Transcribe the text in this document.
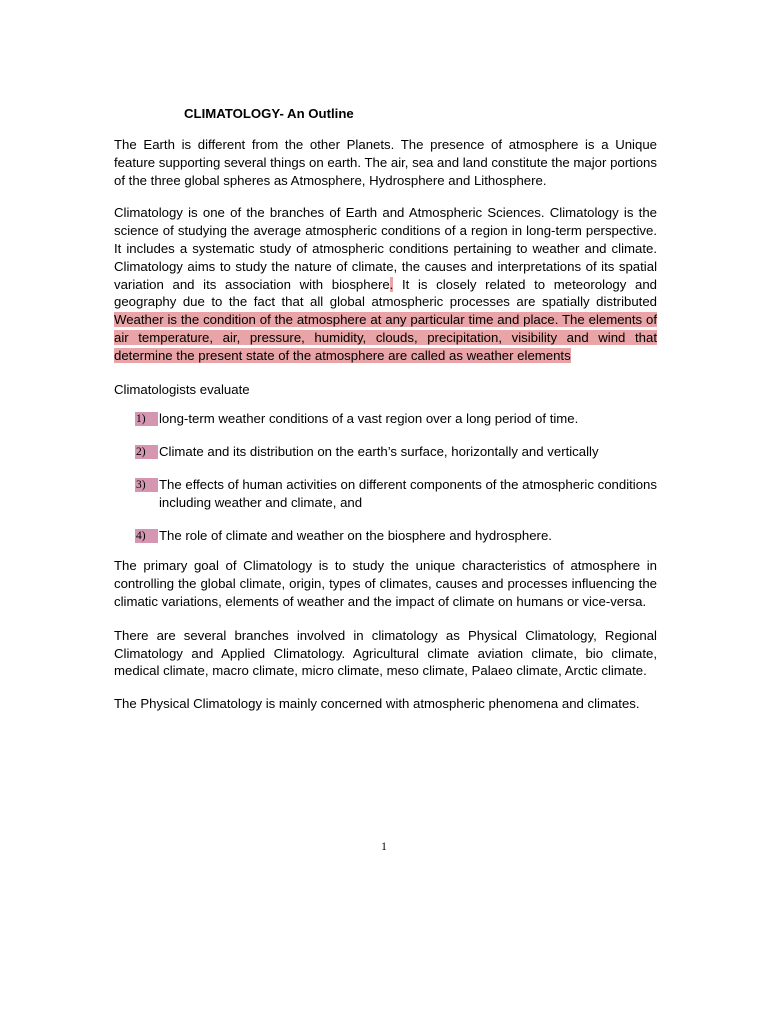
CLIMATOLOGY- An Outline

The Earth is different from the other Planets. The presence of atmosphere is a Unique feature supporting several things on earth. The air, sea and land constitute the major portions of the three global spheres as Atmosphere, Hydrosphere and Lithosphere.

Climatology is one of the branches of Earth and Atmospheric Sciences. Climatology is the science of studying the average atmospheric conditions of a region in long-term perspective. It includes a systematic study of atmospheric conditions pertaining to weather and climate. Climatology aims to study the nature of climate, the causes and interpretations of its spatial variation and its association with biosphere. It is closely related to meteorology and geography due to the fact that all global atmospheric processes are spatially distributed Weather is the condition of the atmosphere at any particular time and place. The elements of air temperature, air, pressure, humidity, clouds, precipitation, visibility and wind that determine the present state of the atmosphere are called as weather elements

Climatologists evaluate

1)	long-term weather conditions of a vast region over a long period of time.
2)	Climate and its distribution on the earth’s surface, horizontally and vertically
3)	The effects of human activities on different components of the atmospheric conditions including weather and climate, and
4)	The role of climate and weather on the biosphere and hydrosphere.

The primary goal of Climatology is to study the unique characteristics of atmosphere in controlling the global climate, origin, types of climates, causes and processes influencing the climatic variations, elements of weather and the impact of climate on humans or vice-versa.

There are several branches involved in climatology as Physical Climatology, Regional Climatology and Applied Climatology. Agricultural climate aviation climate, bio climate, medical climate, macro climate, micro climate, meso climate, Palaeo climate, Arctic climate.

The Physical Climatology is mainly concerned with atmospheric phenomena and climates.

1
